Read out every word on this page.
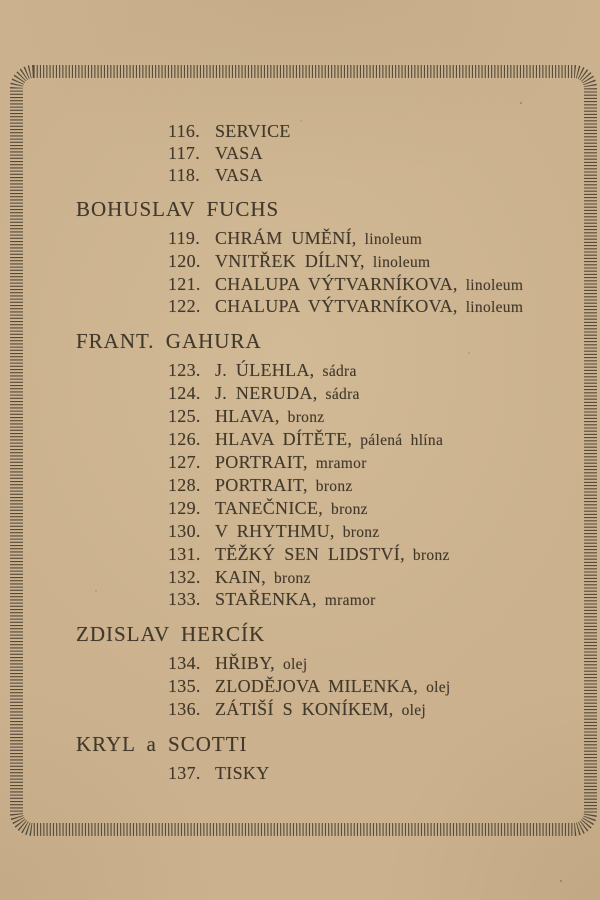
116. SERVICE
117. VASA
118. VASA
BOHUSLAV FUCHS
119. CHRÁM UMĚNÍ, linoleum
120. VNITŘEK DÍLNY, linoleum
121. CHALUPA VÝTVARNÍKOVA, linoleum
122. CHALUPA VÝTVARNÍKOVA, linoleum
FRANT. GAHURA
123. J. ÚLEHLA, sádra
124. J. NERUDA, sádra
125. HLAVA, bronz
126. HLAVA DÍTĚTE, pálená hlína
127. PORTRAIT, mramor
128. PORTRAIT, bronz
129. TANEČNICE, bronz
130. V RHYTHMU, bronz
131. TĚŽKÝ SEN LIDSTVÍ, bronz
132. KAIN, bronz
133. STAŘENKA, mramor
ZDISLAV HERCÍK
134. HŘIBY, olej
135. ZLODĚJOVA MILENKA, olej
136. ZÁTIŠÍ S KONÍKEM, olej
KRYL a SCOTTI
137. TISKY
